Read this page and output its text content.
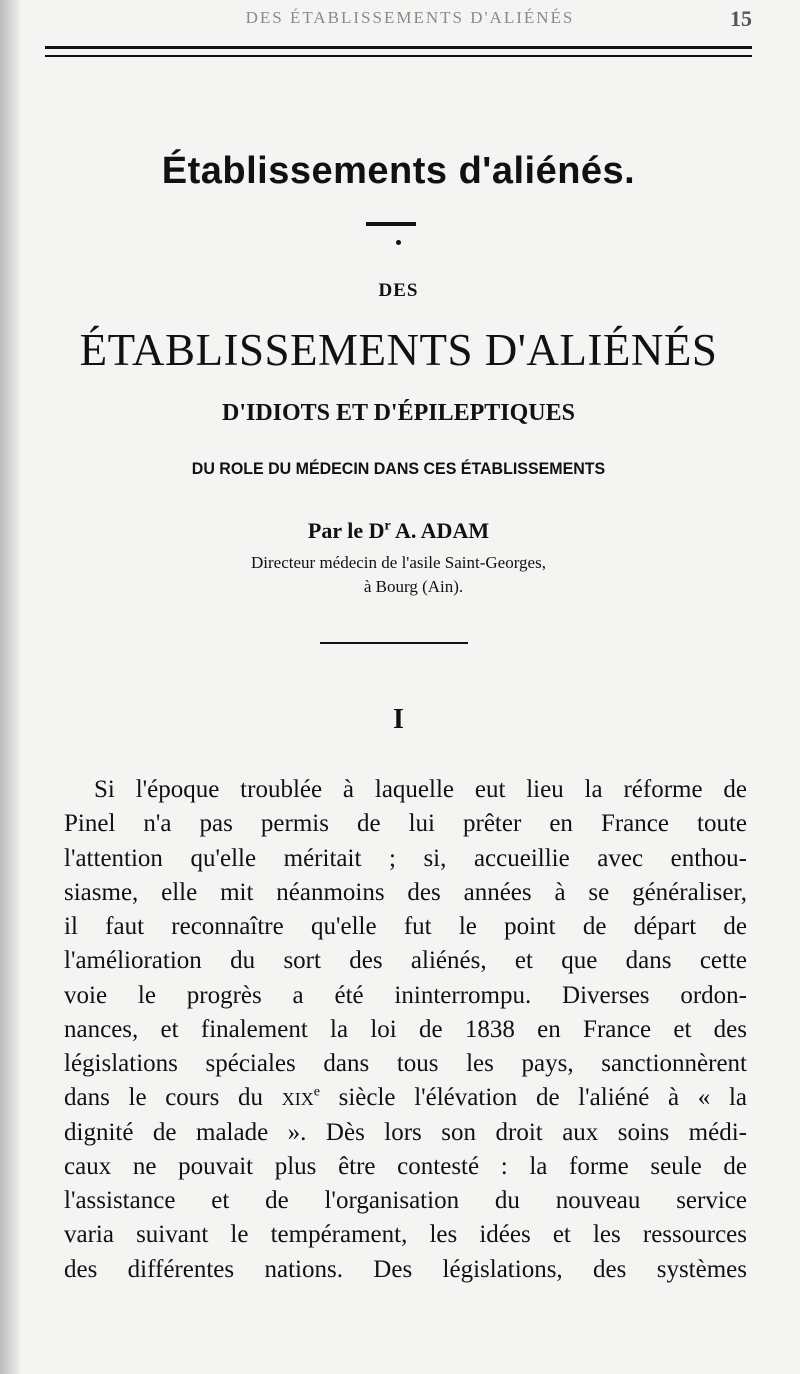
DES ÉTABLISSEMENTS D'ALIÉNÉS	15
Établissements d'aliénés.
DES
ÉTABLISSEMENTS D'ALIÉNÉS
D'IDIOTS ET D'ÉPILEPTIQUES
DU ROLE DU MÉDECIN DANS CES ÉTABLISSEMENTS
Par le $D^r$ A. ADAM
Directeur médecin de l'asile Saint-Georges,
à Bourg (Ain).
I
Si l'époque troublée à laquelle eut lieu la réforme de
Pinel n'a pas permis de lui prêter en France toute
l'attention qu'elle méritait ; si, accueillie avec enthou-
siasme, elle mit néanmoins des années à se généraliser,
il faut reconnaître qu'elle fut le point de départ de
l'amélioration du sort des aliénés, et que dans cette
voie le progrès a été ininterrompu. Diverses ordon-
nances, et finalement la loi de 1838 en France et des
législations spéciales dans tous les pays, sanctionnèrent
dans le cours du xix$^e$ siècle l'élévation de l'aliéné à « la
dignité de malade ». Dès lors son droit aux soins médi-
caux ne pouvait plus être contesté : la forme seule de
l'assistance et de l'organisation du nouveau service
varia suivant le tempérament, les idées et les ressources
des différentes nations. Des législations, des systèmes
